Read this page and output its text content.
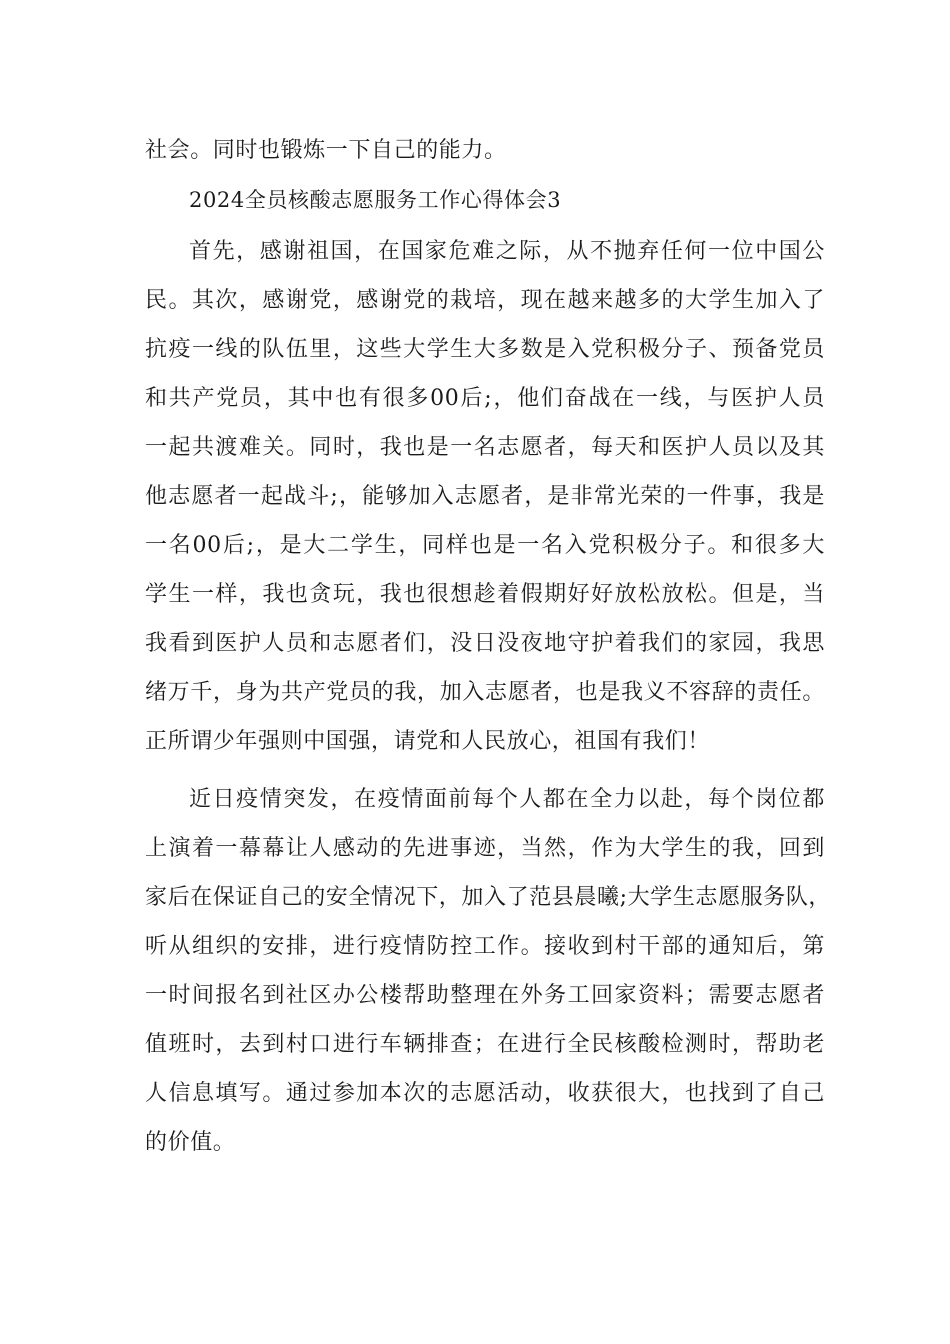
社会。同时也锻炼一下自己的能力。
2024全员核酸志愿服务工作心得体会3
首先，感谢祖国，在国家危难之际，从不抛弃任何一位中国公
民。其次，感谢党，感谢党的栽培，现在越来越多的大学生加入了
抗疫一线的队伍里，这些大学生大多数是入党积极分子、预备党员
和共产党员，其中也有很多00后;，他们奋战在一线，与医护人员
一起共渡难关。同时，我也是一名志愿者，每天和医护人员以及其
他志愿者一起战斗;，能够加入志愿者，是非常光荣的一件事，我是
一名00后;，是大二学生，同样也是一名入党积极分子。和很多大
学生一样，我也贪玩，我也很想趁着假期好好放松放松。但是，当
我看到医护人员和志愿者们，没日没夜地守护着我们的家园，我思
绪万千，身为共产党员的我，加入志愿者，也是我义不容辞的责任。
正所谓少年强则中国强，请党和人民放心，祖国有我们！
近日疫情突发，在疫情面前每个人都在全力以赴，每个岗位都
上演着一幕幕让人感动的先进事迹，当然，作为大学生的我，回到
家后在保证自己的安全情况下，加入了范县晨曦;大学生志愿服务队，
听从组织的安排，进行疫情防控工作。接收到村干部的通知后，第
一时间报名到社区办公楼帮助整理在外务工回家资料；需要志愿者
值班时，去到村口进行车辆排查；在进行全民核酸检测时，帮助老
人信息填写。通过参加本次的志愿活动，收获很大，也找到了自己
的价值。
